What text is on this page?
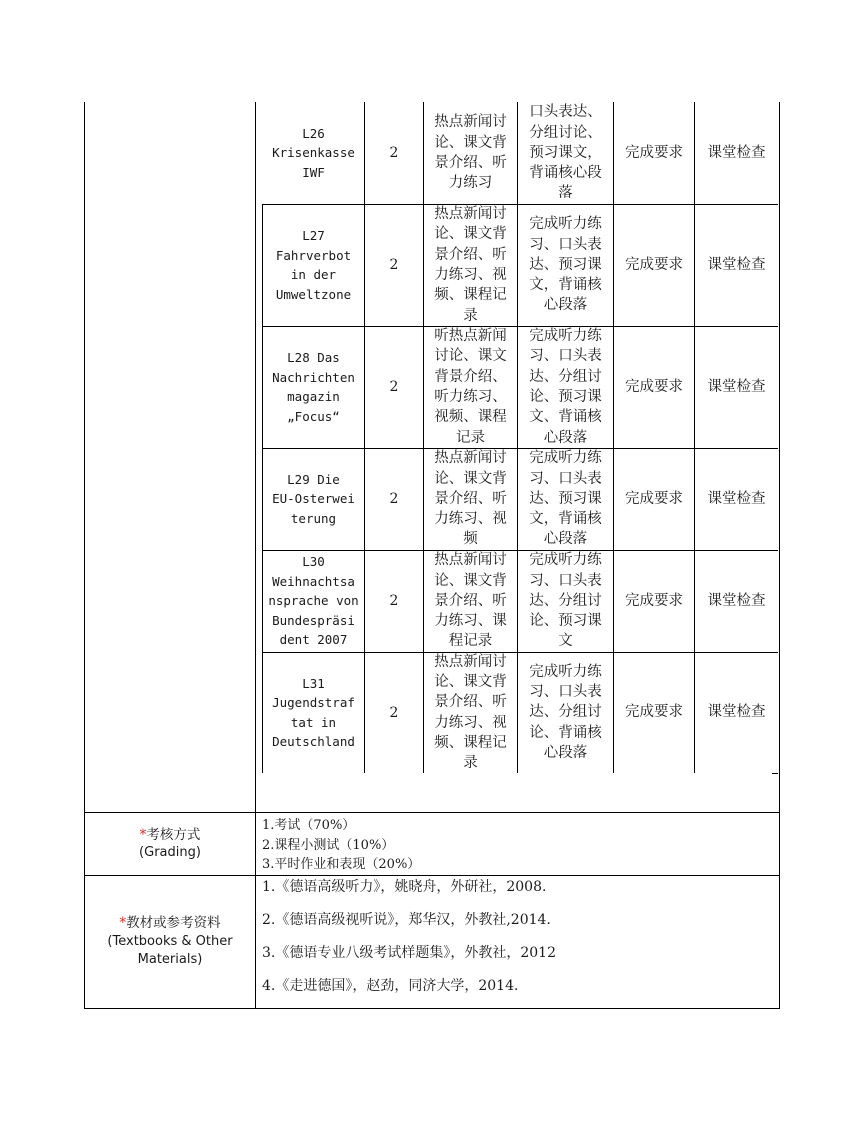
L26
Krisenkasse
IWF
2
热点新闻讨
论、课文背
景介绍、听
力练习
口头表达、
分组讨论、
预习课文，
背诵核心段
落
完成要求 课堂检查
L27
Fahrverbot
in der
Umweltzone
2
热点新闻讨
论、课文背
景介绍、听
力练习、视
频、课程记
录
完成听力练
习、口头表
达、预习课
文，背诵核
心段落
完成要求 课堂检查
L28 Das
Nachrichten
magazin
„Focus“
2
听热点新闻
讨论、课文
背景介绍、
听力练习、
视频、课程
记录
完成听力练
习、口头表
达、分组讨
论、预习课
文、背诵核
心段落
完成要求 课堂检查
L29 Die
EU-Osterwei
terung
2
热点新闻讨
论、课文背
景介绍、听
力练习、视
频
完成听力练
习、口头表
达、预习课
文，背诵核
心段落
完成要求 课堂检查
L30
Weihnachtsa
nsprache von
Bundespräsi
dent 2007
2
热点新闻讨
论、课文背
景介绍、听
力练习、课
程记录
完成听力练
习、口头表
达、分组讨
论、预习课
文
完成要求 课堂检查
L31
Jugendstraf
tat in
Deutschland
2
热点新闻讨
论、课文背
景介绍、听
力练习、视
频、课程记
录
完成听力练
习、口头表
达、分组讨
论、背诵核
心段落
完成要求 课堂检查
*考核方式
(Grading)
1.考试（70%）
2.课程小测试（10%）
3.平时作业和表现（20%）
*教材或参考资料
(Textbooks & Other
Materials)
1.《德语高级听力》，姚晓舟，外研社，2008.
2.《德语高级视听说》，郑华汉，外教社,2014.
3.《德语专业八级考试样题集》，外教社，2012
4.《走进德国》，赵劲，同济大学，2014.
